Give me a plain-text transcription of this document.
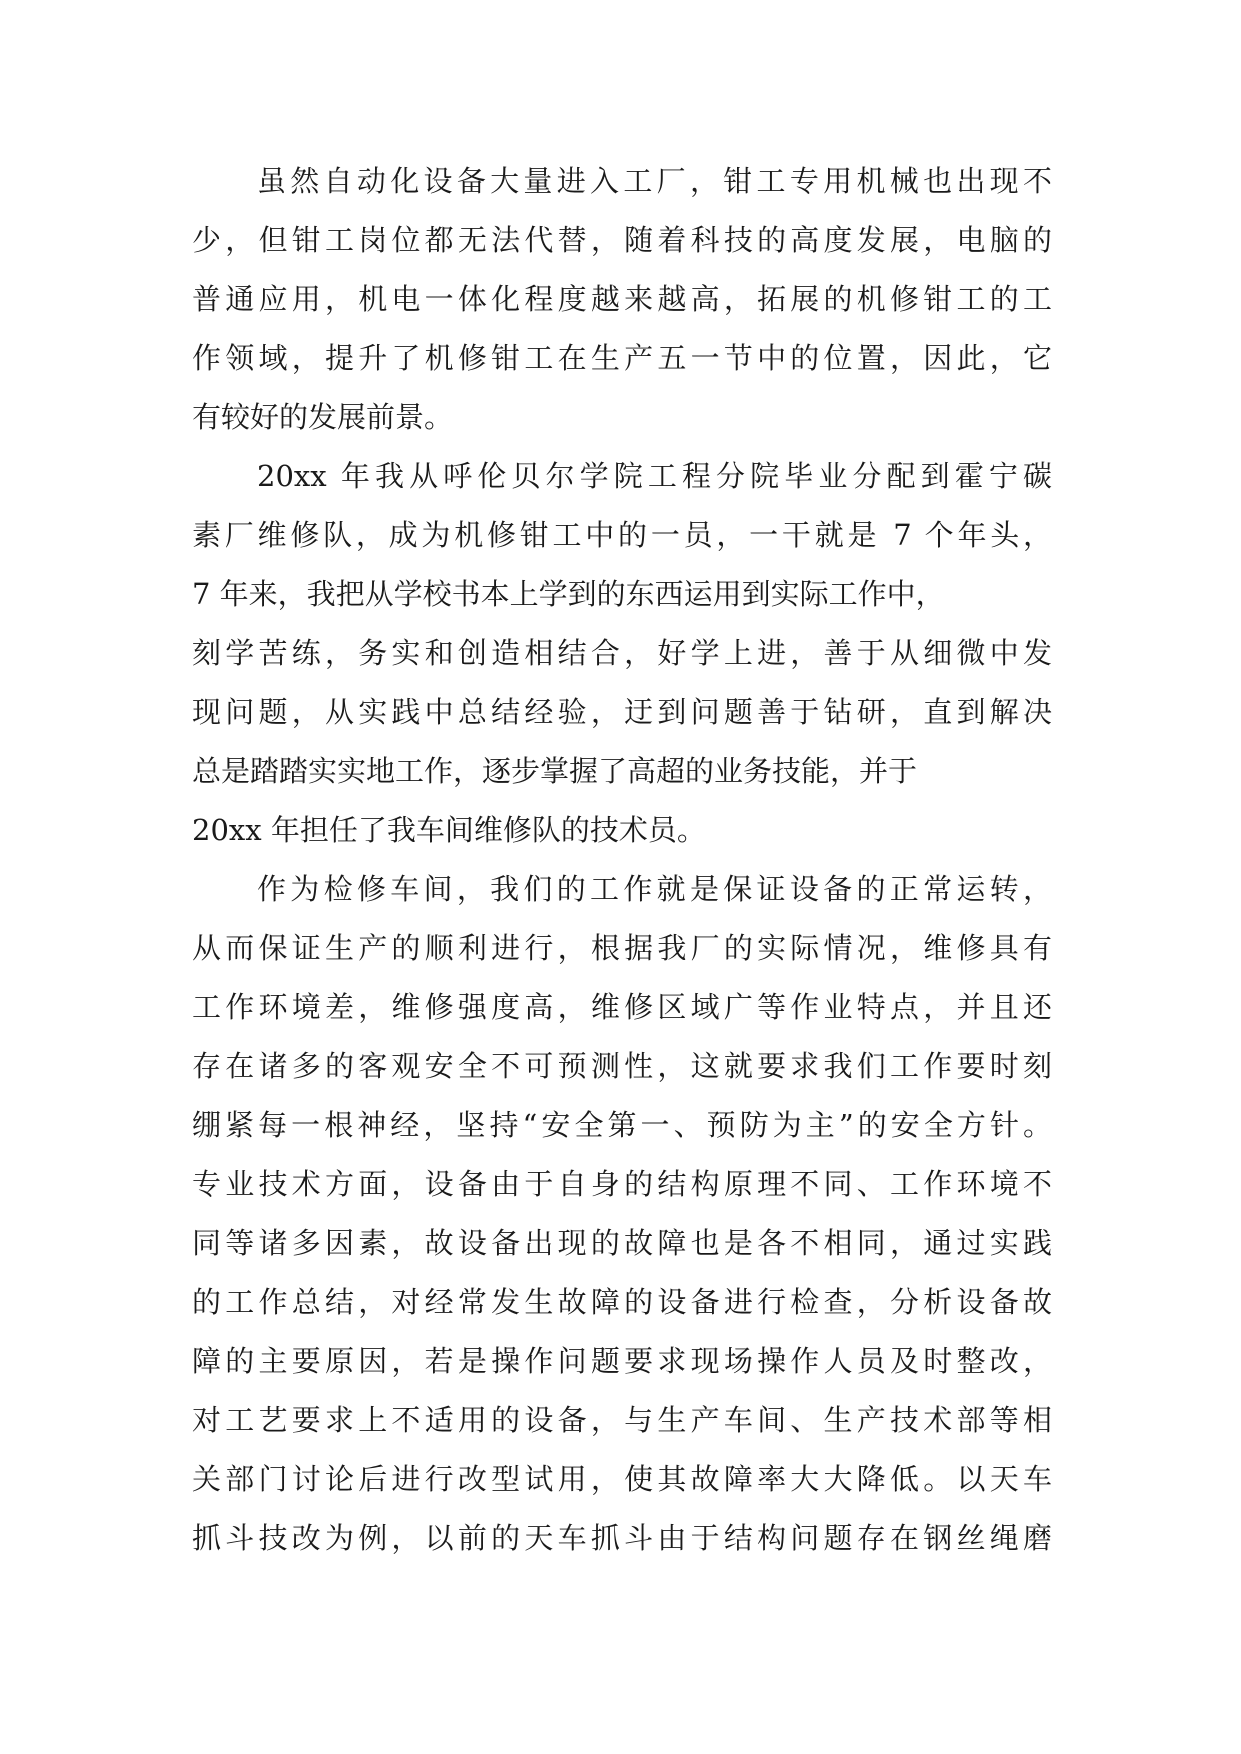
虽然自动化设备大量进入工厂，钳工专用机械也出现不
少，但钳工岗位都无法代替，随着科技的高度发展，电脑的
普通应用，机电一体化程度越来越高，拓展的机修钳工的工
作领域，提升了机修钳工在生产五一节中的位置，因此，它
有较好的发展前景。
20xx 年我从呼伦贝尔学院工程分院毕业分配到霍宁碳
素厂维修队，成为机修钳工中的一员，一干就是 7 个年头，
7 年来，我把从学校书本上学到的东西运用到实际工作中，
刻学苦练，务实和创造相结合，好学上进，善于从细微中发
现问题，从实践中总结经验，迂到问题善于钻研，直到解决
总是踏踏实实地工作，逐步掌握了高超的业务技能，并于
20xx 年担任了我车间维修队的技术员。
作为检修车间，我们的工作就是保证设备的正常运转，
从而保证生产的顺利进行，根据我厂的实际情况，维修具有
工作环境差，维修强度高，维修区域广等作业特点，并且还
存在诸多的客观安全不可预测性，这就要求我们工作要时刻
绷紧每一根神经，坚持“安全第一、预防为主”的安全方针。
专业技术方面，设备由于自身的结构原理不同、工作环境不
同等诸多因素，故设备出现的故障也是各不相同，通过实践
的工作总结，对经常发生故障的设备进行检查，分析设备故
障的主要原因，若是操作问题要求现场操作人员及时整改，
对工艺要求上不适用的设备，与生产车间、生产技术部等相
关部门讨论后进行改型试用，使其故障率大大降低。以天车
抓斗技改为例，以前的天车抓斗由于结构问题存在钢丝绳磨
